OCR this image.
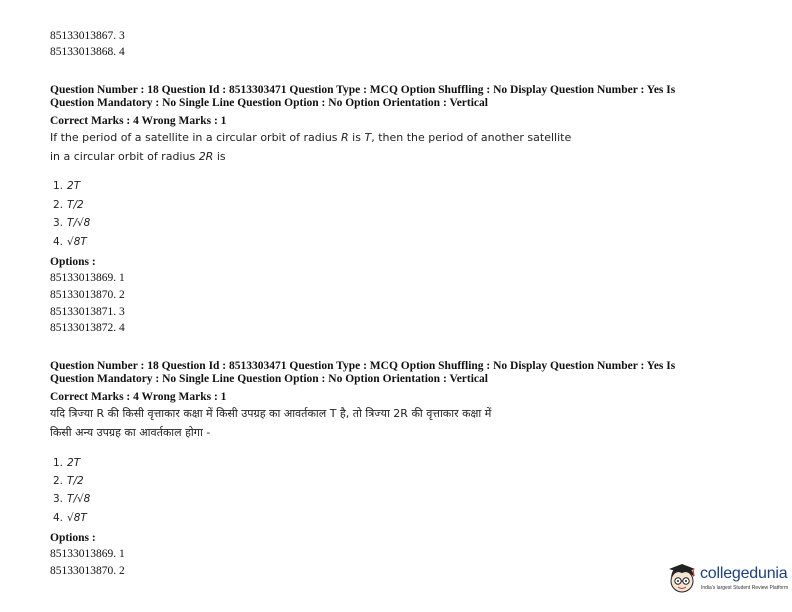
85133013867. 3
85133013868. 4
Question Number : 18 Question Id : 8513303471 Question Type : MCQ Option Shuffling : No Display Question Number : Yes Is
Question Mandatory : No Single Line Question Option : No Option Orientation : Vertical
Correct Marks : 4 Wrong Marks : 1
If the period of a satellite in a circular orbit of radius R is T, then the period of another satellite
in a circular orbit of radius 2R is
1. 2T
2. T/2
3. T/√8
4. √8T
Options :
85133013869. 1
85133013870. 2
85133013871. 3
85133013872. 4
Question Number : 18 Question Id : 8513303471 Question Type : MCQ Option Shuffling : No Display Question Number : Yes Is
Question Mandatory : No Single Line Question Option : No Option Orientation : Vertical
Correct Marks : 4 Wrong Marks : 1
यदि त्रिज्या R की किसी वृत्ताकार कक्षा में किसी उपग्रह का आवर्तकाल T है, तो त्रिज्या 2R की वृत्ताकार कक्षा में
किसी अन्य उपग्रह का आवर्तकाल होगा -
1. 2T
2. T/2
3. T/√8
4. √8T
Options :
85133013869. 1
85133013870. 2	collegedunia
India's largest Student Review Platform
